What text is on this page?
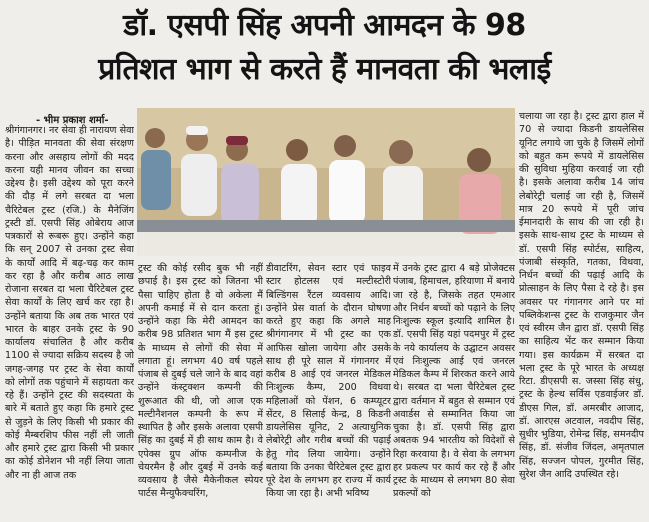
डॉ. एसपी सिंह अपनी आमदन के 98
प्रतिशत भाग से करते हैं मानवता की भलाई
- भीम प्रकाश शर्मा-
श्रीगंगानगर। नर सेवा ही नारायण सेवा है। पीड़ित मानवता की सेवा संरक्षण करना और असहाय लोगों की मदद करना यही मानव जीवन का सच्चा उद्देश्य है। इसी उद्देश्य को पूरा करने की दौड़ में लगे सरबत दा भला चैरिटेबल ट्रस्ट (रजि.) के मैनेजिंग ट्रस्टी डॉ. एसपी सिंह ओबेराय आज पत्रकारों से रूबरू हुए। उन्होंने कहा कि सन् 2007 से उनका ट्रस्ट सेवा के कार्यों आदि में बढ़-चढ़ कर काम कर रहा है और करीब आठ लाख रोजाना सरबत दा भला चैरिटेबल ट्रस्ट सेवा कार्यों के लिए खर्च कर रहा है। उन्होंने बताया कि अब तक भारत एवं भारत के बाहर उनके ट्रस्ट के 90 कार्यालय संचालित है और करीब 1100 से ज्यादा सक्रिय सदस्य है जो जगह-जगह पर ट्रस्ट के सेवा कार्यों को लोगों तक पहुंचाने में सहायता कर रहे हैं। उन्होंने ट्रस्ट की सदस्यता के बारे में बताते हुए कहा कि हमारे ट्रस्ट से जुड़ने के लिए किसी भी प्रकार की कोई मैम्बरशिप फीस नहीं ली जाती और हमारे ट्रस्ट द्वारा किसी भी प्रकार का कोई डोनेशन भी नहीं लिया जाता और ना ही आज तक
ट्रस्ट की कोई रसीद बुक भी नहीं छपाई है। इस ट्रस्ट को जितना भी पैसा चाहिए होता है वो अकेला मैं अपनी कमाई में से दान करता हूं। उन्होंने कहा कि मेरी आमदन का करीब 98 प्रतिशत भाग मैं इस ट्रस्ट के माध्यम से लोगों की सेवा में लगाता हूं। लगभग 40 वर्ष पहले पंजाब से दुबई चले जाने के बाद वहां उन्होंने कंस्ट्रक्शन कम्पनी की शुरूआत की थी, जो आज एक मल्टीनैशनल कम्पनी के रूप में स्थापित है और इसके अलावा एसपी सिंह का दुबई में ही साथ काम है। वे एपेक्स ग्रुप ऑफ कम्पनीज के चेयरमैन है और दुबई में उनके कई व्यवसाय है जैसे मैकेनीकल स्पेयर पार्टस मैन्युफैक्चरिंग,
डीवाटरिंग, सेवन स्टार एवं फाइव स्टार होटलस एवं मल्टीस्टोरी बिल्डिंगस रैंटल व्यवसाय आदि। उन्होंने प्रेस वार्ता के दौरान घोषणा करते हुए कहा कि अगले माह श्रीगंगानगर में भी ट्रस्ट का एक आफिस खोला जायेगा और उसके साथ ही पूरे साल में गंगानगर में करीब 8 आई एवं जनरल मेडिकल निःशुल्क कैम्प, 200 विधवा महिलाओं को पेंशन, 6 कम्प्यूटर सेंटर, 8 सिलाई केन्द्र, 8 किडनी डायलेसिस यूनिट, 2 अत्याधुनिक लेबोरेट्री और गरीब बच्चों की पढ़ाई हेतु गोद लिया जायेगा। उन्होंने बताया कि उनका चैरिटेबल ट्रस्ट द्वारा पूरे देश के लगभग हर राज्य में कार्य किया जा रहा है। अभी भविष्य
में उनके ट्रस्ट द्वारा 4 बड़े प्रोजेक्टस पंजाब, हिमाचल, हरियाणा में बनाये जा रहे है, जिसके तहत एमआर और निर्धन बच्चों को पढ़ाने के लिए निःशुल्क स्कूल इत्यादि शामिल है। डॉ. एसपी सिंह यहां पदमपुर में ट्रस्ट के नये कार्यालय के उद्घाटन अवसर एवं निःशुल्क आई एवं जनरल मेडिकल कैम्प में शिरकत करने आये थे। सरबत दा भला चैरिटेबल ट्रस्ट द्वारा वर्तमान में बहुत से सम्मान एवं अवार्डस से सम्मानित किया जा चुका है। डॉ. एसपी सिंह द्वारा अबतक 94 भारतीय को विदेशों से रिहा करवाया है। वे सेवा के लगभग हर प्रकल्प पर कार्य कर रहे हैं और ट्रस्ट के माध्यम से लगभग 80 सेवा प्रकल्पों को
चलाया जा रहा है। ट्रस्ट द्वारा हाल में 70 से ज्यादा किडनी डायलेसिस यूनिट लगाये जा चुके है जिसमें लोगों को बहुत कम रूपये में डायलेसिस की सुविधा मुहिया करवाई जा रही है। इसके अलावा करीब 14 जांच लेबोरेट्री चलाई जा रही है, जिसमें मात्र 20 रूपये में पूरी जांच ईमानदारी के साथ की जा रही है। इसके साथ-साथ ट्रस्ट के माध्यम से डॉ. एसपी सिंह स्पोर्टस, साहित्य, पंजाबी संस्कृति, गतका, विधवा, निर्धन बच्चों की पढ़ाई आदि के प्रोत्साहन के लिए पैसा दे रहे है। इस अवसर पर गंगानगर आने पर मां पब्लिकेशन्स ट्रस्ट के राजकुमार जैन एवं स्वीरम जैन द्वारा डॉ. एसपी सिंह का साहित्य भेंट कर सम्मान किया गया। इस कार्यक्रम में सरबत दा भला ट्रस्ट के पूरे भारत के अध्यक्ष रिटा. डीएसपी स. जस्सा सिंह संधु, ट्रस्ट के हेल्थ सर्विस एडवाईजर डॉ. डीएस गिल, डॉ. अमरबीर आजाद, डॉ. आरएस अटवाल, नवदीप सिंह, सुधीर भुडिया, रोमेन्द्र सिंह, समनदीप सिंह, डॉ. संजीव जिंदल, अमृतपाल सिंह, सज्जन पोपल, गुरमीत सिंह, सुरेश जैन आदि उपस्थित रहे।
